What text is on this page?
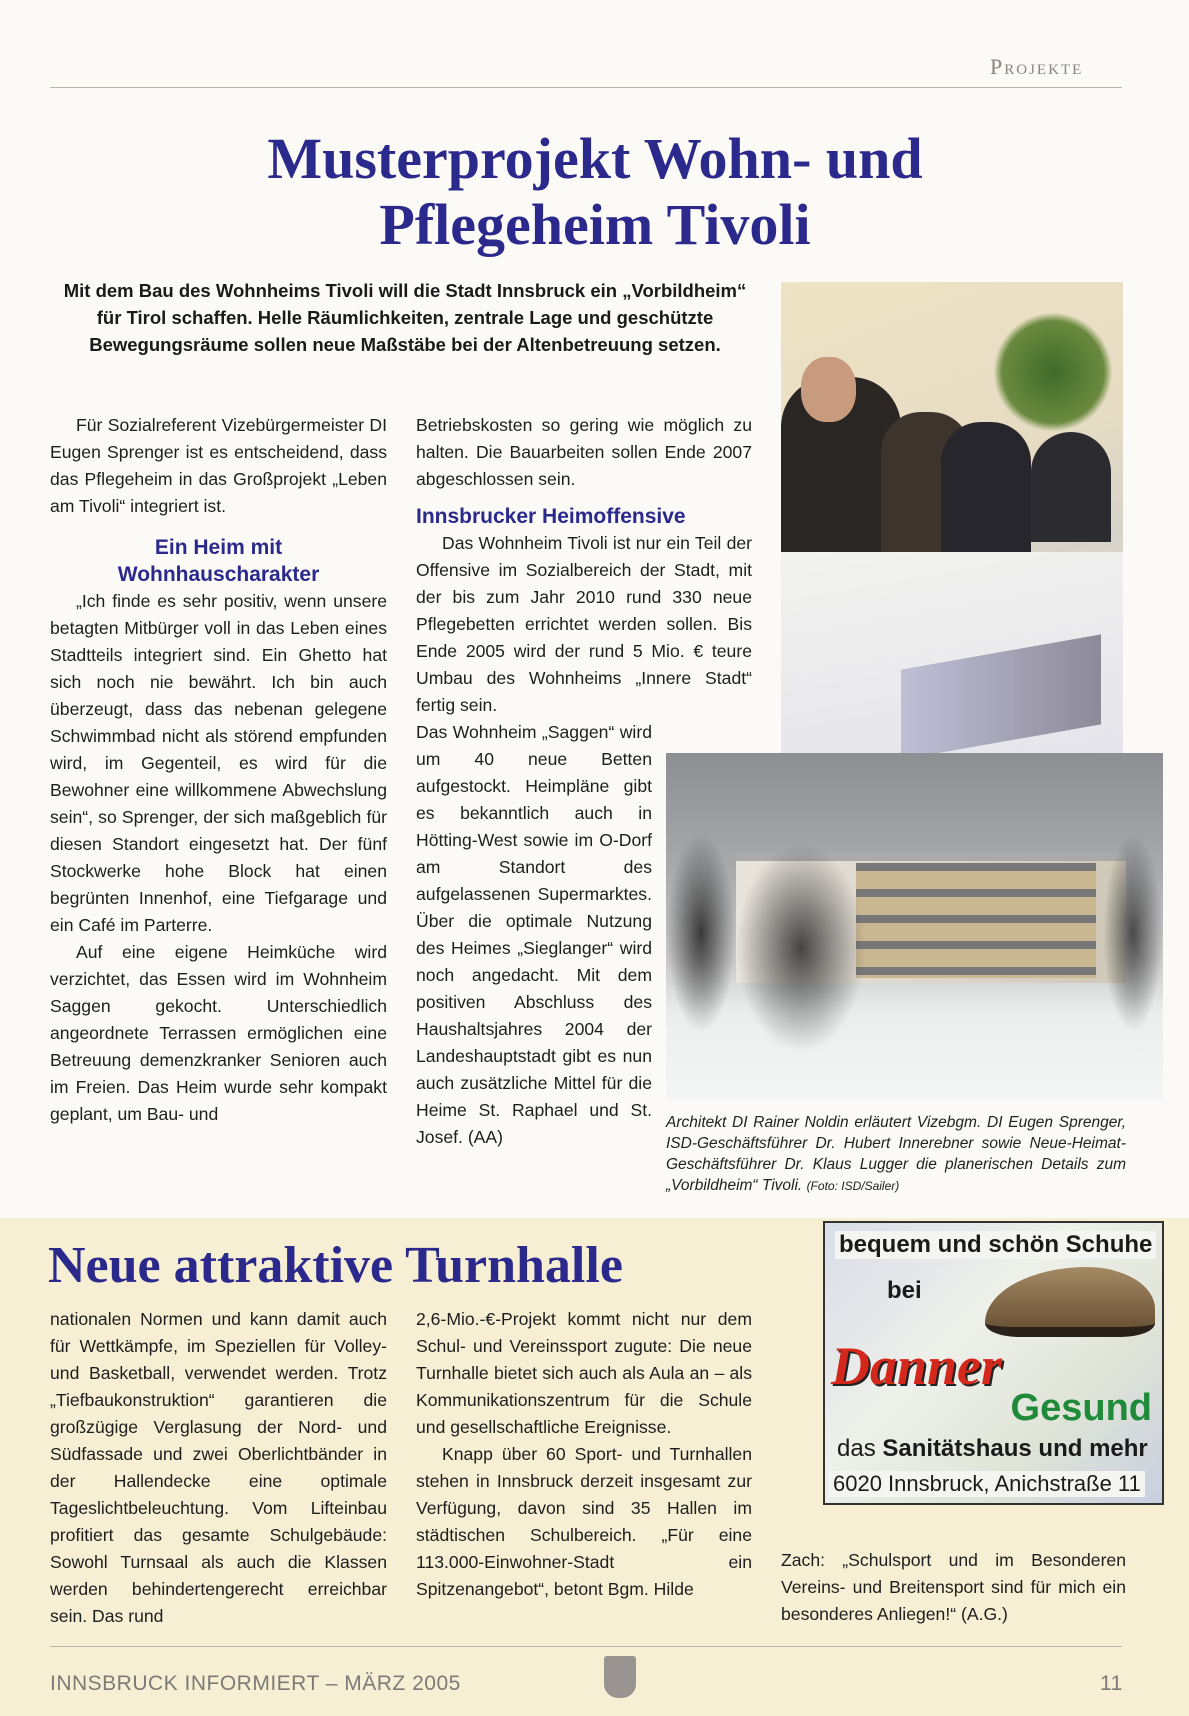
Projekte
Musterprojekt Wohn- und
Pflegeheim Tivoli
Mit dem Bau des Wohnheims Tivoli will die Stadt Innsbruck ein „Vorbildheim“ für Tirol schaffen. Helle Räumlichkeiten, zentrale Lage und geschützte Bewegungsräume sollen neue Maßstäbe bei der Altenbetreuung setzen.

Für Sozialreferent Vizebürgermeister DI Eugen Sprenger ist es entscheidend, dass das Pflegeheim in das Großprojekt „Leben am Tivoli“ integriert ist.

Ein Heim mit Wohnhauscharakter

„Ich finde es sehr positiv, wenn unsere betagten Mitbürger voll in das Leben eines Stadtteils integriert sind. Ein Ghetto hat sich noch nie bewährt. Ich bin auch überzeugt, dass das nebenan gelegene Schwimmbad nicht als störend empfunden wird, im Gegenteil, es wird für die Bewohner eine willkommene Abwechslung sein“, so Sprenger, der sich maßgeblich für diesen Standort eingesetzt hat. Der fünf Stockwerke hohe Block hat einen begrünten Innenhof, eine Tiefgarage und ein Café im Parterre.

Auf eine eigene Heimküche wird verzichtet, das Essen wird im Wohnheim Saggen gekocht. Unterschiedlich angeordnete Terrassen ermöglichen eine Betreuung demenzkranker Senioren auch im Freien. Das Heim wurde sehr kompakt geplant, um Bau- und

Betriebskosten so gering wie möglich zu halten. Die Bauarbeiten sollen Ende 2007 abgeschlossen sein.

Innsbrucker Heimoffensive

Das Wohnheim Tivoli ist nur ein Teil der Offensive im Sozialbereich der Stadt, mit der bis zum Jahr 2010 rund 330 neue Pflegebetten errichtet werden sollen. Bis Ende 2005 wird der rund 5 Mio. € teure Umbau des Wohnheims „Innere Stadt“ fertig sein.

Das Wohnheim „Saggen“ wird um 40 neue Betten aufgestockt. Heimpläne gibt es bekanntlich auch in Hötting-West sowie im O-Dorf am Standort des aufgelassenen Supermarktes. Über die optimale Nutzung des Heimes „Sieglanger“ wird noch angedacht. Mit dem positiven Abschluss des Haushaltsjahres 2004 der Landeshauptstadt gibt es nun auch zusätzliche Mittel für die Heime St. Raphael und St. Josef. (AA)

Architekt DI Rainer Noldin erläutert Vizebgm. DI Eugen Sprenger, ISD-Geschäftsführer Dr. Hubert Innerebner sowie Neue-Heimat-Geschäftsführer Dr. Klaus Lugger die planerischen Details zum „Vorbildheim“ Tivoli. (Foto: ISD/Sailer)
Neue attraktive Turnhalle

nationalen Normen und kann damit auch für Wettkämpfe, im Speziellen für Volley- und Basketball, verwendet werden. Trotz „Tiefbaukonstruktion“ garantieren die großzügige Verglasung der Nord- und Südfassade und zwei Oberlichtbänder in der Hallendecke eine optimale Tageslichtbeleuchtung. Vom Lifteinbau profitiert das gesamte Schulgebäude: Sowohl Turnsaal als auch die Klassen werden behindertengerecht erreichbar sein. Das rund

2,6-Mio.-€-Projekt kommt nicht nur dem Schul- und Vereinssport zugute: Die neue Turnhalle bietet sich auch als Aula an – als Kommunikationszentrum für die Schule und gesellschaftliche Ereignisse.

Knapp über 60 Sport- und Turnhallen stehen in Innsbruck derzeit insgesamt zur Verfügung, davon sind 35 Hallen im städtischen Schulbereich. „Für eine 113.000-Einwohner-Stadt ein Spitzenangebot“, betont Bgm. Hilde

Zach: „Schulsport und im Besonderen Vereins- und Breitensport sind für mich ein besonderes Anliegen!“ (A.G.)

bequem und schön Schuhe
bei
Danner
Gesund
das Sanitätshaus und mehr
6020 Innsbruck, Anichstraße 11
INNSBRUCK INFORMIERT – MÄRZ 2005	11
